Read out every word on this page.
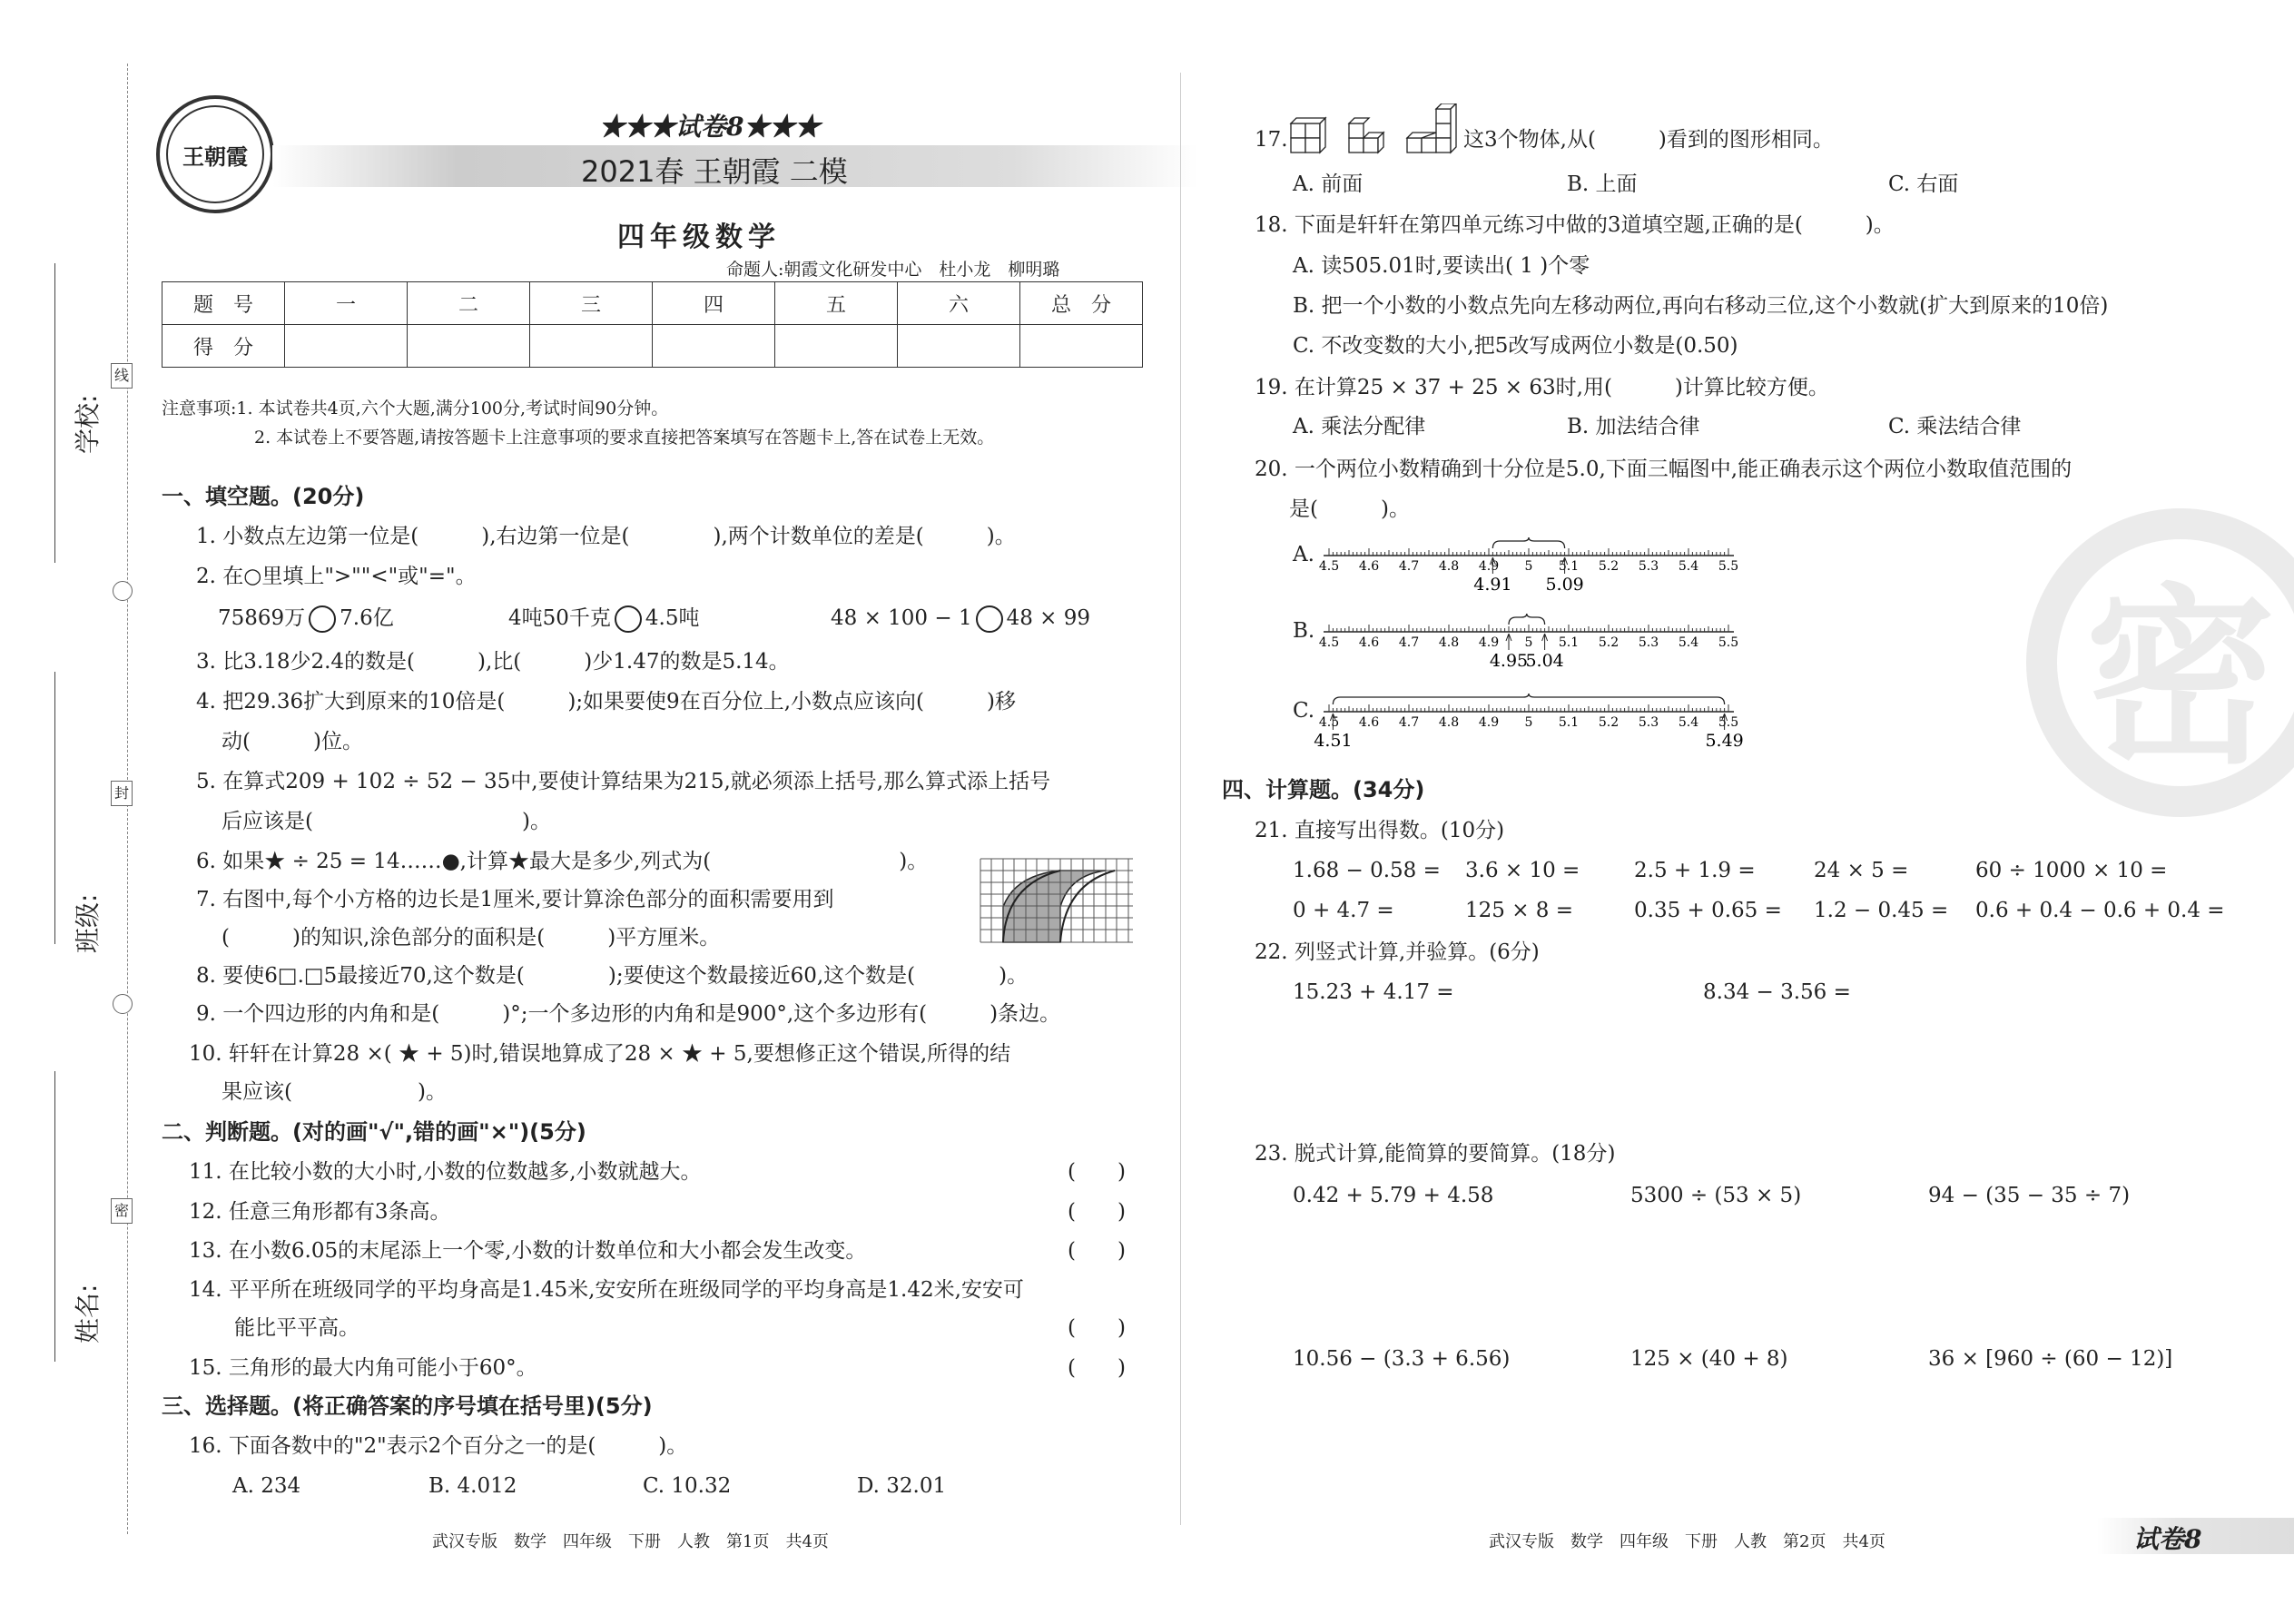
学校:
班级:
姓名:
线
封
密
王朝霞
★★★试卷8★★★
2021春 王朝霞 二模
四年级数学
命题人:朝霞文化研发中心　杜小龙　柳明璐
题　号	一	二	三	四	五	六	总　分
得　分							
注意事项:1. 本试卷共4页,六个大题,满分100分,考试时间90分钟。
2. 本试卷上不要答题,请按答题卡上注意事项的要求直接把答案填写在答题卡上,答在试卷上无效。
一、填空题。(20分)
1. 小数点左边第一位是(　　　),右边第一位是(　　　　),两个计数单位的差是(　　　)。
2. 在○里填上">""<"或"="。
75869万 7.6亿	4吨50千克 4.5吨	48 × 100 − 1 48 × 99
3. 比3.18少2.4的数是(　　　),比(　　　)少1.47的数是5.14。
4. 把29.36扩大到原来的10倍是(　　　);如果要使9在百分位上,小数点应该向(　　　)移
动(　　　)位。
5. 在算式209 + 102 ÷ 52 − 35中,要使计算结果为215,就必须添上括号,那么算式添上括号
后应该是(　　　　　　　　　　)。
6. 如果★ ÷ 25 = 14……●,计算★最大是多少,列式为(　　　　　　　　　)。
7. 右图中,每个小方格的边长是1厘米,要计算涂色部分的面积需要用到
(　　　)的知识,涂色部分的面积是(　　　)平方厘米。
8. 要使6□.□5最接近70,这个数是(　　　　);要使这个数最接近60,这个数是(　　　　)。
9. 一个四边形的内角和是(　　　)°;一个多边形的内角和是900°,这个多边形有(　　　)条边。
10. 轩轩在计算28 ×( ★ + 5)时,错误地算成了28 × ★ + 5,要想修正这个错误,所得的结
果应该(　　　　　　)。
二、判断题。(对的画"√",错的画"×")(5分)
11. 在比较小数的大小时,小数的位数越多,小数就越大。	(　　)
12. 任意三角形都有3条高。	(　　)
13. 在小数6.05的末尾添上一个零,小数的计数单位和大小都会发生改变。	(　　)
14. 平平所在班级同学的平均身高是1.45米,安安所在班级同学的平均身高是1.42米,安安可
能比平平高。	(　　)
15. 三角形的最大内角可能小于60°。	(　　)
三、选择题。(将正确答案的序号填在括号里)(5分)
16. 下面各数中的"2"表示2个百分之一的是(　　　)。
A. 234	B. 4.012	C. 10.32	D. 32.01
17.	这3个物体,从(　　　)看到的图形相同。
A. 前面	B. 上面	C. 右面
18. 下面是轩轩在第四单元练习中做的3道填空题,正确的是(　　　)。
A. 读505.01时,要读出( 1 )个零
B. 把一个小数的小数点先向左移动两位,再向右移动三位,这个小数就(扩大到原来的10倍)
C. 不改变数的大小,把5改写成两位小数是(0.50)
19. 在计算25 × 37 + 25 × 63时,用(　　　)计算比较方便。
A. 乘法分配律	B. 加法结合律	C. 乘法结合律
20. 一个两位小数精确到十分位是5.0,下面三幅图中,能正确表示这个两位小数取值范围的
是(　　　)。
A. 4.5 4.6 4.7 4.8 4.9 5 5.1 5.2 5.3 5.4 5.5
4.91 5.09
B. 4.5 4.6 4.7 4.8 4.9 5 5.1 5.2 5.3 5.4 5.5
4.95
5.04
C. 4.5 4.6 4.7 4.8 4.9 5 5.1 5.2 5.3 5.4 5.5
4.51	5.49
四、计算题。(34分)
21. 直接写出得数。(10分)
1.68 − 0.58 = 3.6 × 10 =	2.5 + 1.9 =	24 × 5 =	60 ÷ 1000 × 10 =
0 + 4.7 =	125 × 8 =	0.35 + 0.65 = 1.2 − 0.45 = 0.6 + 0.4 − 0.6 + 0.4 =
22. 列竖式计算,并验算。(6分)
15.23 + 4.17 =	8.34 − 3.56 =
23. 脱式计算,能简算的要简算。(18分)
0.42 + 5.79 + 4.58	5300 ÷ (53 × 5)	94 − (35 − 35 ÷ 7)
10.56 − (3.3 + 6.56)	125 × (40 + 8)	36 × [960 ÷ (60 − 12)]
密
武汉专版　数学　四年级　下册　人教　第1页　共4页	武汉专版　数学　四年级　下册　人教　第2页　共4页	试卷8
